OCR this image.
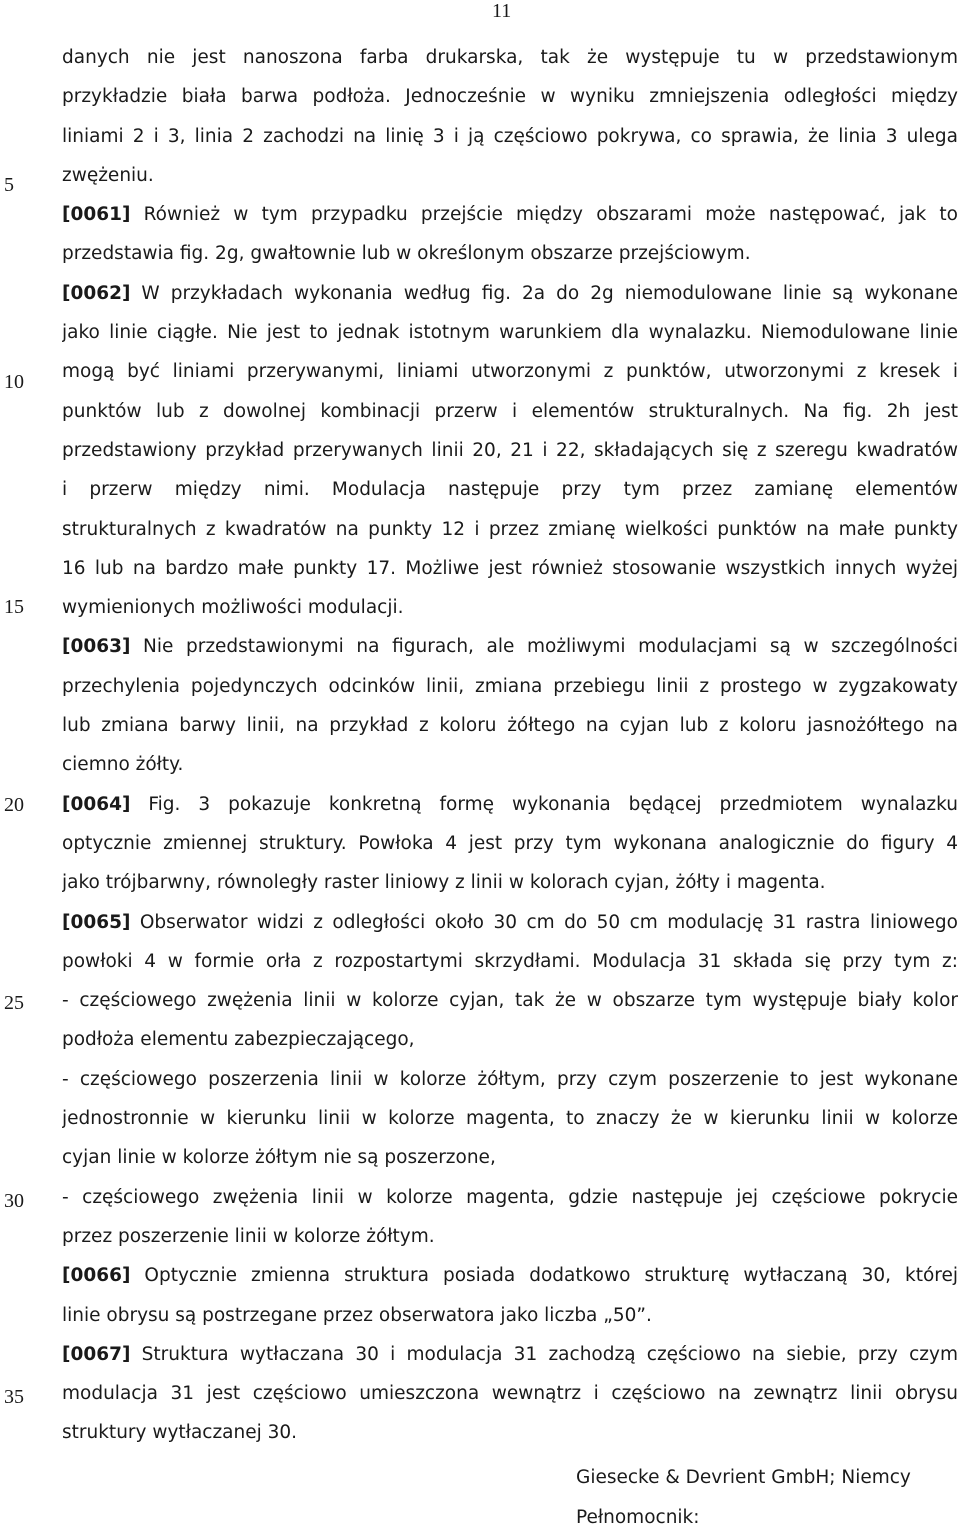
11
5
10
15
20
25
30
35
danych nie jest nanoszona farba drukarska, tak że występuje tu w przedstawionym
przykładzie biała barwa podłoża. Jednocześnie w wyniku zmniejszenia odległości między
liniami 2 i 3, linia 2 zachodzi na linię 3 i ją częściowo pokrywa, co sprawia, że linia 3 ulega
zwężeniu.
[0061] Również w tym przypadku przejście między obszarami może następować, jak to
przedstawia fig. 2g, gwałtownie lub w określonym obszarze przejściowym.
[0062] W przykładach wykonania według fig. 2a do 2g niemodulowane linie są wykonane
jako linie ciągłe. Nie jest to jednak istotnym warunkiem dla wynalazku. Niemodulowane linie
mogą być liniami przerywanymi, liniami utworzonymi z punktów, utworzonymi z kresek i
punktów lub z dowolnej kombinacji przerw i elementów strukturalnych. Na fig. 2h jest
przedstawiony przykład przerywanych linii 20, 21 i 22, składających się z szeregu kwadratów
i przerw między nimi. Modulacja następuje przy tym przez zamianę elementów
strukturalnych z kwadratów na punkty 12 i przez zmianę wielkości punktów na małe punkty
16 lub na bardzo małe punkty 17. Możliwe jest również stosowanie wszystkich innych wyżej
wymienionych możliwości modulacji.
[0063] Nie przedstawionymi na figurach, ale możliwymi modulacjami są w szczególności
przechylenia pojedynczych odcinków linii, zmiana przebiegu linii z prostego w zygzakowaty
lub zmiana barwy linii, na przykład z koloru żółtego na cyjan lub z koloru jasnożółtego na
ciemno żółty.
[0064] Fig. 3 pokazuje konkretną formę wykonania będącej przedmiotem wynalazku
optycznie zmiennej struktury. Powłoka 4 jest przy tym wykonana analogicznie do figury 4
jako trójbarwny, równoległy raster liniowy z linii w kolorach cyjan, żółty i magenta.
[0065] Obserwator widzi z odległości około 30 cm do 50 cm modulację 31 rastra liniowego
powłoki 4 w formie orła z rozpostartymi skrzydłami. Modulacja 31 składa się przy tym z:
- częściowego zwężenia linii w kolorze cyjan, tak że w obszarze tym występuje biały kolor
podłoża elementu zabezpieczającego,
- częściowego poszerzenia linii w kolorze żółtym, przy czym poszerzenie to jest wykonane
jednostronnie w kierunku linii w kolorze magenta, to znaczy że w kierunku linii w kolorze
cyjan linie w kolorze żółtym nie są poszerzone,
- częściowego zwężenia linii w kolorze magenta, gdzie następuje jej częściowe pokrycie
przez poszerzenie linii w kolorze żółtym.
[0066] Optycznie zmienna struktura posiada dodatkowo strukturę wytłaczaną 30, której
linie obrysu są postrzegane przez obserwatora jako liczba „50”.
[0067] Struktura wytłaczana 30 i modulacja 31 zachodzą częściowo na siebie, przy czym
modulacja 31 jest częściowo umieszczona wewnątrz i częściowo na zewnątrz linii obrysu
struktury wytłaczanej 30.
Giesecke & Devrient GmbH; Niemcy
Pełnomocnik:
